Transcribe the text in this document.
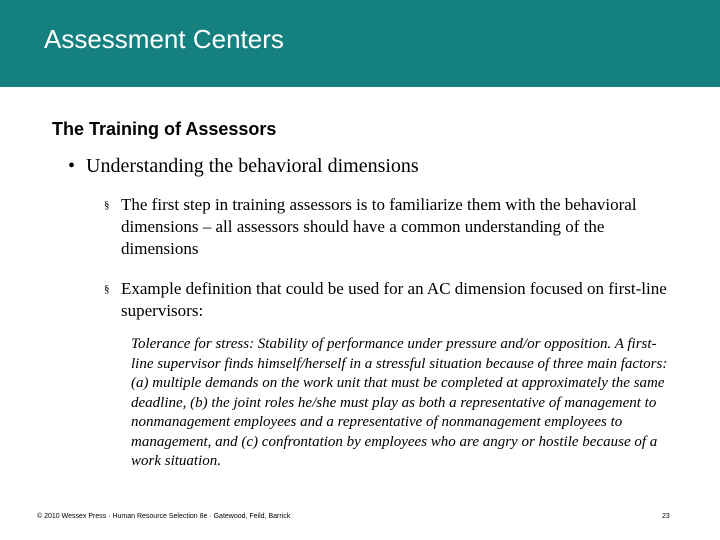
Assessment Centers
The Training of Assessors
• Understanding the behavioral dimensions
§ The first step in training assessors is to familiarize them with the behavioral dimensions – all assessors should have a common understanding of the dimensions
§ Example definition that could be used for an AC dimension focused on first-line supervisors:
Tolerance for stress: Stability of performance under pressure and/or opposition. A first-line supervisor finds himself/herself in a stressful situation because of three main factors: (a) multiple demands on the work unit that must be completed at approximately the same deadline, (b) the joint roles he/she must play as both a representative of management to nonmanagement employees and a representative of nonmanagement employees to management, and (c) confrontation by employees who are angry or hostile because of a work situation.
© 2010 Wessex Press · Human Resource Selection 8e · Gatewood, Feild, Barrick	23
